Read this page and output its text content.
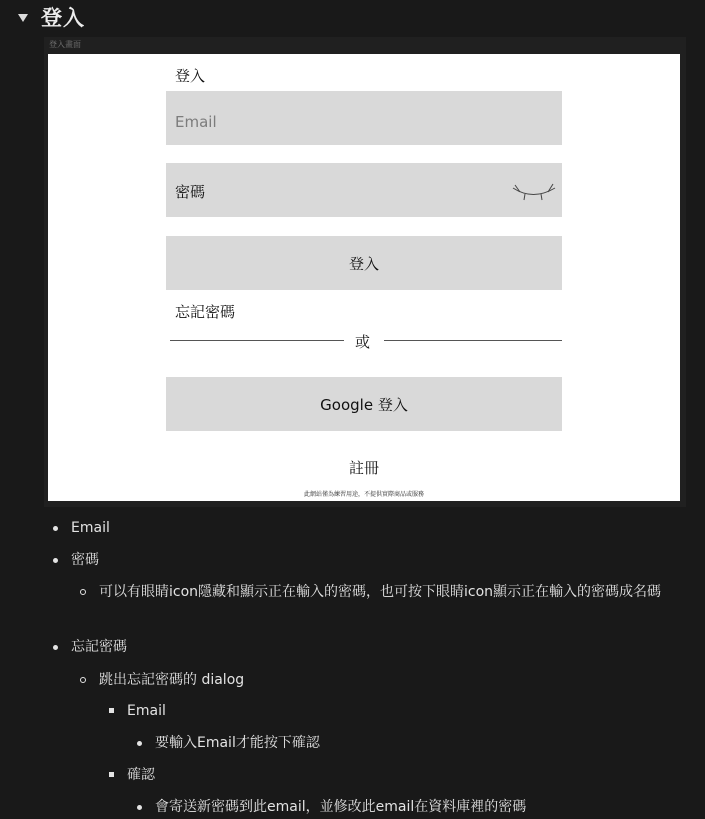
登入
登入畫面
登入
Email
密碼
登入
忘記密碼
或
Google 登入
註冊
此網站僅為練習用途，不提供實際商品或服務
Email
密碼
可以有眼睛icon隱藏和顯示正在輸入的密碼，也可按下眼睛icon顯示正在輸入的密碼成名碼
忘記密碼
跳出忘記密碼的 dialog
Email
要輸入Email才能按下確認
確認
會寄送新密碼到此email，並修改此email在資料庫裡的密碼
